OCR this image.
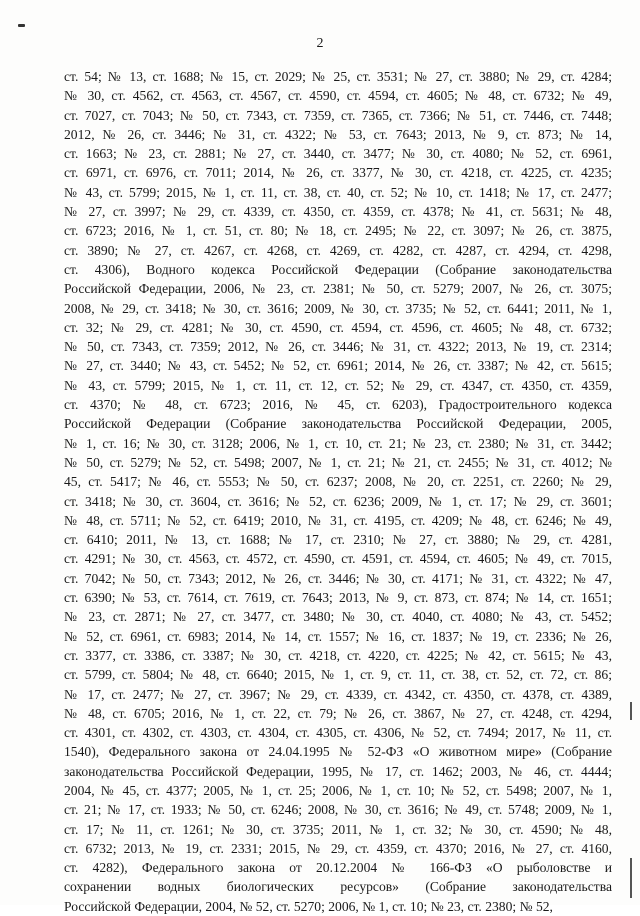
2
ст. 54; № 13, ст. 1688; № 15, ст. 2029; № 25, ст. 3531; № 27, ст. 3880; № 29, ст. 4284;
№ 30, ст. 4562, ст. 4563, ст. 4567, ст. 4590, ст. 4594, ст. 4605; № 48, ст. 6732; № 49,
ст. 7027, ст. 7043; № 50, ст. 7343, ст. 7359, ст. 7365, ст. 7366; № 51, ст. 7446, ст. 7448;
2012, № 26, ст. 3446; № 31, ст. 4322; № 53, ст. 7643; 2013, № 9, ст. 873; № 14,
ст. 1663; № 23, ст. 2881; № 27, ст. 3440, ст. 3477; № 30, ст. 4080; № 52, ст. 6961,
ст. 6971, ст. 6976, ст. 7011; 2014, № 26, ст. 3377, № 30, ст. 4218, ст. 4225, ст. 4235;
№ 43, ст. 5799; 2015, № 1, ст. 11, ст. 38, ст. 40, ст. 52; № 10, ст. 1418; № 17, ст. 2477;
№ 27, ст. 3997; № 29, ст. 4339, ст. 4350, ст. 4359, ст. 4378; № 41, ст. 5631; № 48,
ст. 6723; 2016, № 1, ст. 51, ст. 80; № 18, ст. 2495; № 22, ст. 3097; № 26, ст. 3875,
ст. 3890; № 27, ст. 4267, ст. 4268, ст. 4269, ст. 4282, ст. 4287, ст. 4294, ст. 4298,
ст. 4306), Водного кодекса Российской Федерации (Собрание законодательства
Российской Федерации, 2006, № 23, ст. 2381; № 50, ст. 5279; 2007, № 26, ст. 3075;
2008, № 29, ст. 3418; № 30, ст. 3616; 2009, № 30, ст. 3735; № 52, ст. 6441; 2011, № 1,
ст. 32; № 29, ст. 4281; № 30, ст. 4590, ст. 4594, ст. 4596, ст. 4605; № 48, ст. 6732;
№ 50, ст. 7343, ст. 7359; 2012, № 26, ст. 3446; № 31, ст. 4322; 2013, № 19, ст. 2314;
№ 27, ст. 3440; № 43, ст. 5452; № 52, ст. 6961; 2014, № 26, ст. 3387; № 42, ст. 5615;
№ 43, ст. 5799; 2015, № 1, ст. 11, ст. 12, ст. 52; № 29, ст. 4347, ст. 4350, ст. 4359,
ст. 4370; № 48, ст. 6723; 2016, № 45, ст. 6203), Градостроительного кодекса
Российской Федерации (Собрание законодательства Российской Федерации, 2005,
№ 1, ст. 16; № 30, ст. 3128; 2006, № 1, ст. 10, ст. 21; № 23, ст. 2380; № 31, ст. 3442;
№ 50, ст. 5279; № 52, ст. 5498; 2007, № 1, ст. 21; № 21, ст. 2455; № 31, ст. 4012; №
45, ст. 5417; № 46, ст. 5553; № 50, ст. 6237; 2008, № 20, ст. 2251, ст. 2260; № 29,
ст. 3418; № 30, ст. 3604, ст. 3616; № 52, ст. 6236; 2009, № 1, ст. 17; № 29, ст. 3601;
№ 48, ст. 5711; № 52, ст. 6419; 2010, № 31, ст. 4195, ст. 4209; № 48, ст. 6246; № 49,
ст. 6410; 2011, № 13, ст. 1688; № 17, ст. 2310; № 27, ст. 3880; № 29, ст. 4281,
ст. 4291; № 30, ст. 4563, ст. 4572, ст. 4590, ст. 4591, ст. 4594, ст. 4605; № 49, ст. 7015,
ст. 7042; № 50, ст. 7343; 2012, № 26, ст. 3446; № 30, ст. 4171; № 31, ст. 4322; № 47,
ст. 6390; № 53, ст. 7614, ст. 7619, ст. 7643; 2013, № 9, ст. 873, ст. 874; № 14, ст. 1651;
№ 23, ст. 2871; № 27, ст. 3477, ст. 3480; № 30, ст. 4040, ст. 4080; № 43, ст. 5452;
№ 52, ст. 6961, ст. 6983; 2014, № 14, ст. 1557; № 16, ст. 1837; № 19, ст. 2336; № 26,
ст. 3377, ст. 3386, ст. 3387; № 30, ст. 4218, ст. 4220, ст. 4225; № 42, ст. 5615; № 43,
ст. 5799, ст. 5804; № 48, ст. 6640; 2015, № 1, ст. 9, ст. 11, ст. 38, ст. 52, ст. 72, ст. 86;
№ 17, ст. 2477; № 27, ст. 3967; № 29, ст. 4339, ст. 4342, ст. 4350, ст. 4378, ст. 4389,
№ 48, ст. 6705; 2016, № 1, ст. 22, ст. 79; № 26, ст. 3867, № 27, ст. 4248, ст. 4294,
ст. 4301, ст. 4302, ст. 4303, ст. 4304, ст. 4305, ст. 4306, № 52, ст. 7494; 2017, № 11, ст.
1540), Федерального закона от 24.04.1995 № 52-ФЗ «О животном мире» (Собрание
законодательства Российской Федерации, 1995, № 17, ст. 1462; 2003, № 46, ст. 4444;
2004, № 45, ст. 4377; 2005, № 1, ст. 25; 2006, № 1, ст. 10; № 52, ст. 5498; 2007, № 1,
ст. 21; № 17, ст. 1933; № 50, ст. 6246; 2008, № 30, ст. 3616; № 49, ст. 5748; 2009, № 1,
ст. 17; № 11, ст. 1261; № 30, ст. 3735; 2011, № 1, ст. 32; № 30, ст. 4590; № 48,
ст. 6732; 2013, № 19, ст. 2331; 2015, № 29, ст. 4359, ст. 4370; 2016, № 27, ст. 4160,
ст. 4282), Федерального закона от 20.12.2004 № 166-ФЗ «О рыболовстве и
сохранении водных биологических ресурсов» (Собрание законодательства
Российской Федерации, 2004, № 52, ст. 5270; 2006, № 1, ст. 10; № 23, ст. 2380; № 52,
